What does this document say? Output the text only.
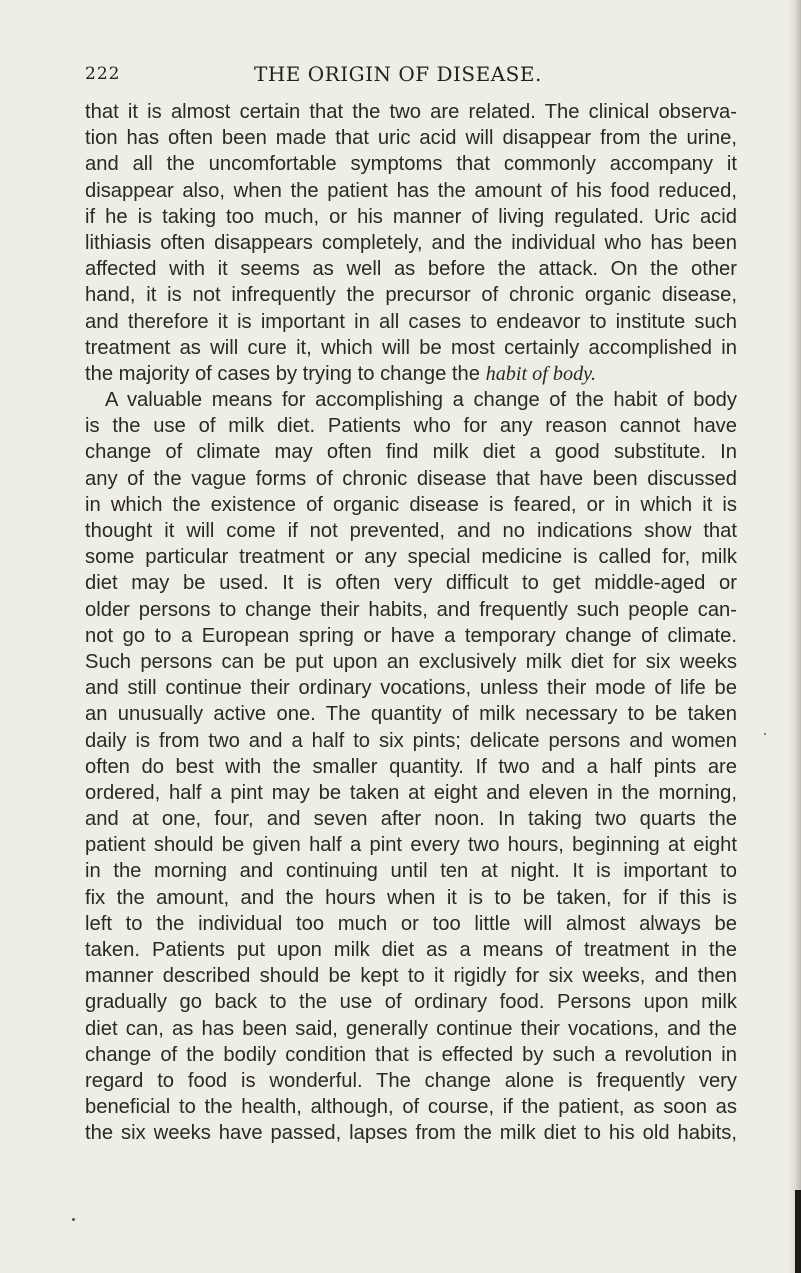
222	THE ORIGIN OF DISEASE.
that it is almost certain that the two are related. The clinical observa-
tion has often been made that uric acid will disappear from the urine,
and all the uncomfortable symptoms that commonly accompany it
disappear also, when the patient has the amount of his food reduced,
if he is taking too much, or his manner of living regulated. Uric acid
lithiasis often disappears completely, and the individual who has been
affected with it seems as well as before the attack. On the other
hand, it is not infrequently the precursor of chronic organic disease,
and therefore it is important in all cases to endeavor to institute such
treatment as will cure it, which will be most certainly accomplished in
the majority of cases by trying to change the habit of body.
A valuable means for accomplishing a change of the habit of body
is the use of milk diet. Patients who for any reason cannot have
change of climate may often find milk diet a good substitute. In
any of the vague forms of chronic disease that have been discussed
in which the existence of organic disease is feared, or in which it is
thought it will come if not prevented, and no indications show that
some particular treatment or any special medicine is called for, milk
diet may be used. It is often very difficult to get middle-aged or
older persons to change their habits, and frequently such people can-
not go to a European spring or have a temporary change of climate.
Such persons can be put upon an exclusively milk diet for six weeks
and still continue their ordinary vocations, unless their mode of life be
an unusually active one. The quantity of milk necessary to be taken
daily is from two and a half to six pints; delicate persons and women
often do best with the smaller quantity. If two and a half pints are
ordered, half a pint may be taken at eight and eleven in the morning,
and at one, four, and seven after noon. In taking two quarts the
patient should be given half a pint every two hours, beginning at eight
in the morning and continuing until ten at night. It is important to
fix the amount, and the hours when it is to be taken, for if this is
left to the individual too much or too little will almost always be
taken. Patients put upon milk diet as a means of treatment in the
manner described should be kept to it rigidly for six weeks, and then
gradually go back to the use of ordinary food. Persons upon milk
diet can, as has been said, generally continue their vocations, and the
change of the bodily condition that is effected by such a revolution in
regard to food is wonderful. The change alone is frequently very
beneficial to the health, although, of course, if the patient, as soon as
the six weeks have passed, lapses from the milk diet to his old habits,
